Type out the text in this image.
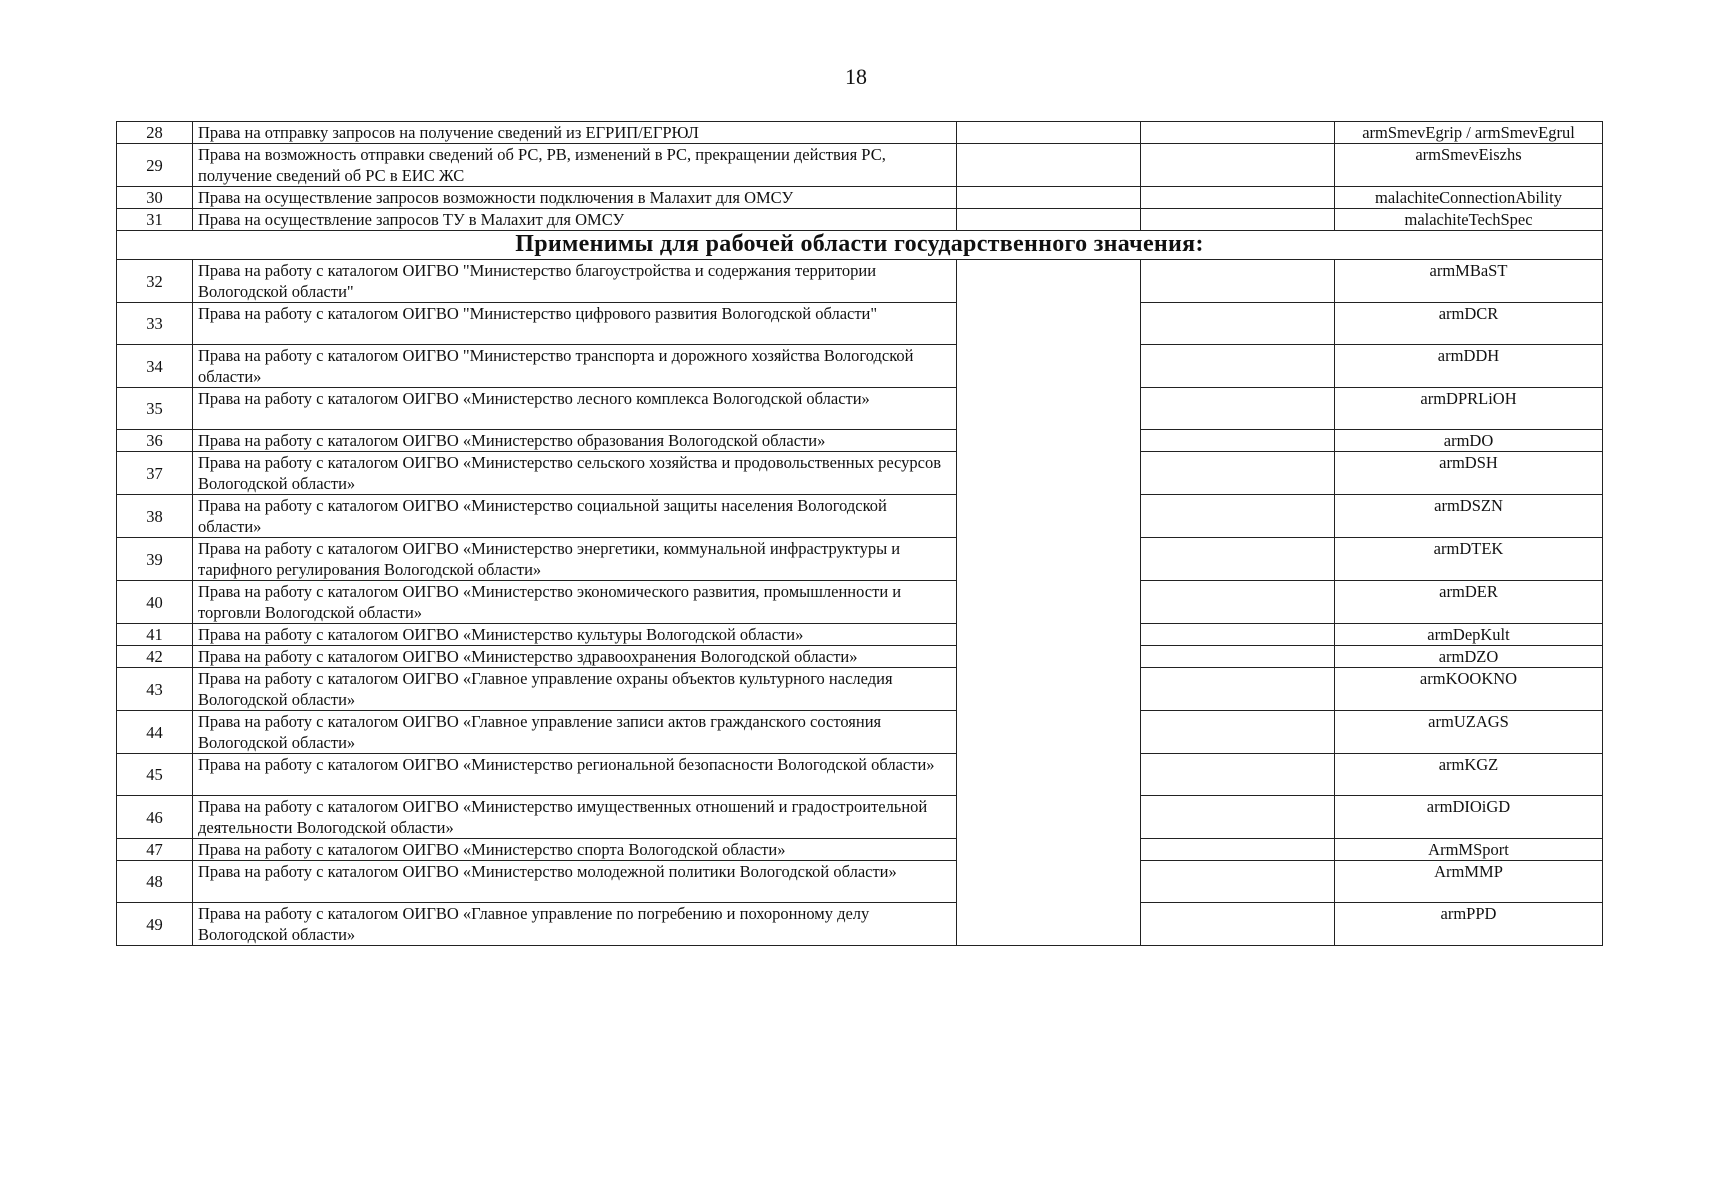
18
28	Права на отправку запросов на получение сведений из ЕГРИП/ЕГРЮЛ			armSmevEgrip / armSmevEgrul
29	Права на возможность отправки сведений об РС, РВ, изменений в РС, прекращении действия РС, получение сведений об РС в ЕИС ЖС			armSmevEiszhs
30	Права на осуществление запросов возможности подключения в Малахит для ОМСУ			malachiteConnectionAbility
31	Права на осуществление запросов ТУ в Малахит для ОМСУ			malachiteTechSpec
Применимы для рабочей области государственного значения:				
32	Права на работу с каталогом ОИГВО "Министерство благоустройства и содержания территории Вологодской области"			armMBaST
33	Права на работу с каталогом ОИГВО "Министерство цифрового развития Вологодской области"			armDCR
34	Права на работу с каталогом ОИГВО "Министерство транспорта и дорожного хозяйства Вологодской области»			armDDH
35	Права на работу с каталогом ОИГВО «Министерство лесного комплекса Вологодской области»			armDPRLiOH
36	Права на работу с каталогом ОИГВО «Министерство образования Вологодской области»			armDO
37	Права на работу с каталогом ОИГВО «Министерство сельского хозяйства и продовольственных ресурсов Вологодской области»			armDSH
38	Права на работу с каталогом ОИГВО «Министерство социальной защиты населения Вологодской области»			armDSZN
39	Права на работу с каталогом ОИГВО «Министерство энергетики, коммунальной инфраструктуры и тарифного регулирования Вологодской области»			armDTEK
40	Права на работу с каталогом ОИГВО «Министерство экономического развития, промышленности и торговли Вологодской области»			armDER
41	Права на работу с каталогом ОИГВО «Министерство культуры Вологодской области»			armDepKult
42	Права на работу с каталогом ОИГВО «Министерство здравоохранения Вологодской области»			armDZO
43	Права на работу с каталогом ОИГВО «Главное управление охраны объектов культурного наследия Вологодской области»			armKOOKNO
44	Права на работу с каталогом ОИГВО «Главное управление записи актов гражданского состояния Вологодской области»			armUZAGS
45	Права на работу с каталогом ОИГВО «Министерство региональной безопасности Вологодской области»			armKGZ
46	Права на работу с каталогом ОИГВО «Министерство имущественных отношений и градостроительной деятельности Вологодской области»			armDIOiGD
47	Права на работу с каталогом ОИГВО «Министерство спорта Вологодской области»			ArmMSport
48	Права на работу с каталогом ОИГВО «Министерство молодежной политики Вологодской области»			ArmMMP
49	Права на работу с каталогом ОИГВО «Главное управление по погребению и похоронному делу Вологодской области»			armPPD
